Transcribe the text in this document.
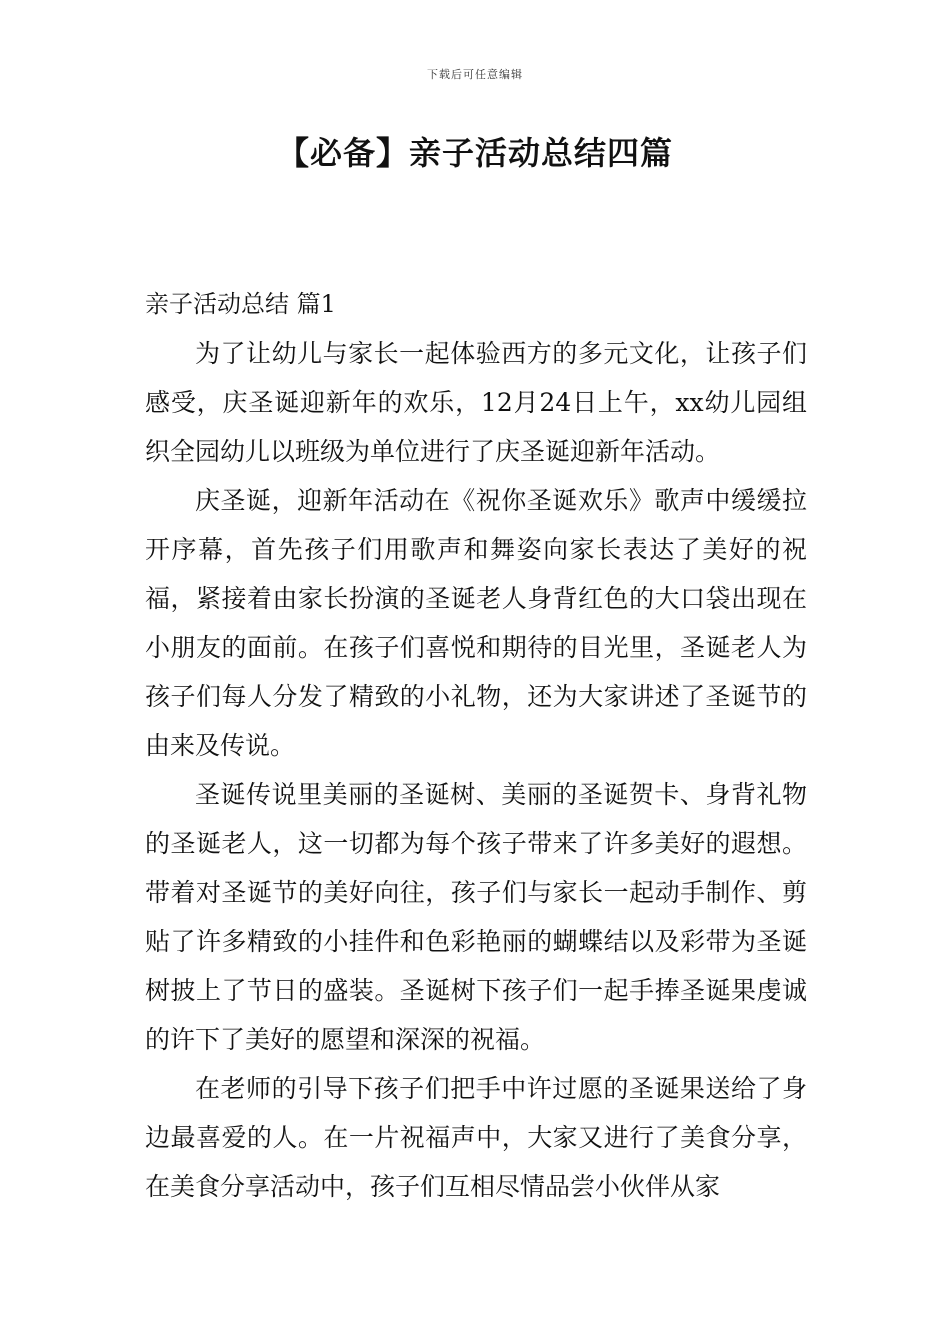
下载后可任意编辑
【必备】亲子活动总结四篇

亲子活动总结 篇1

为了让幼儿与家长一起体验西方的多元文化，让孩子们感受，庆圣诞迎新年的欢乐，12月24日上午，xx幼儿园组织全园幼儿以班级为单位进行了庆圣诞迎新年活动。

庆圣诞，迎新年活动在《祝你圣诞欢乐》歌声中缓缓拉开序幕，首先孩子们用歌声和舞姿向家长表达了美好的祝福，紧接着由家长扮演的圣诞老人身背红色的大口袋出现在小朋友的面前。在孩子们喜悦和期待的目光里，圣诞老人为孩子们每人分发了精致的小礼物，还为大家讲述了圣诞节的由来及传说。

圣诞传说里美丽的圣诞树、美丽的圣诞贺卡、身背礼物的圣诞老人，这一切都为每个孩子带来了许多美好的遐想。带着对圣诞节的美好向往，孩子们与家长一起动手制作、剪贴了许多精致的小挂件和色彩艳丽的蝴蝶结以及彩带为圣诞树披上了节日的盛装。圣诞树下孩子们一起手捧圣诞果虔诚的许下了美好的愿望和深深的祝福。

在老师的引导下孩子们把手中许过愿的圣诞果送给了身边最喜爱的人。在一片祝福声中，大家又进行了美食分享，在美食分享活动中，孩子们互相尽情品尝小伙伴从家
